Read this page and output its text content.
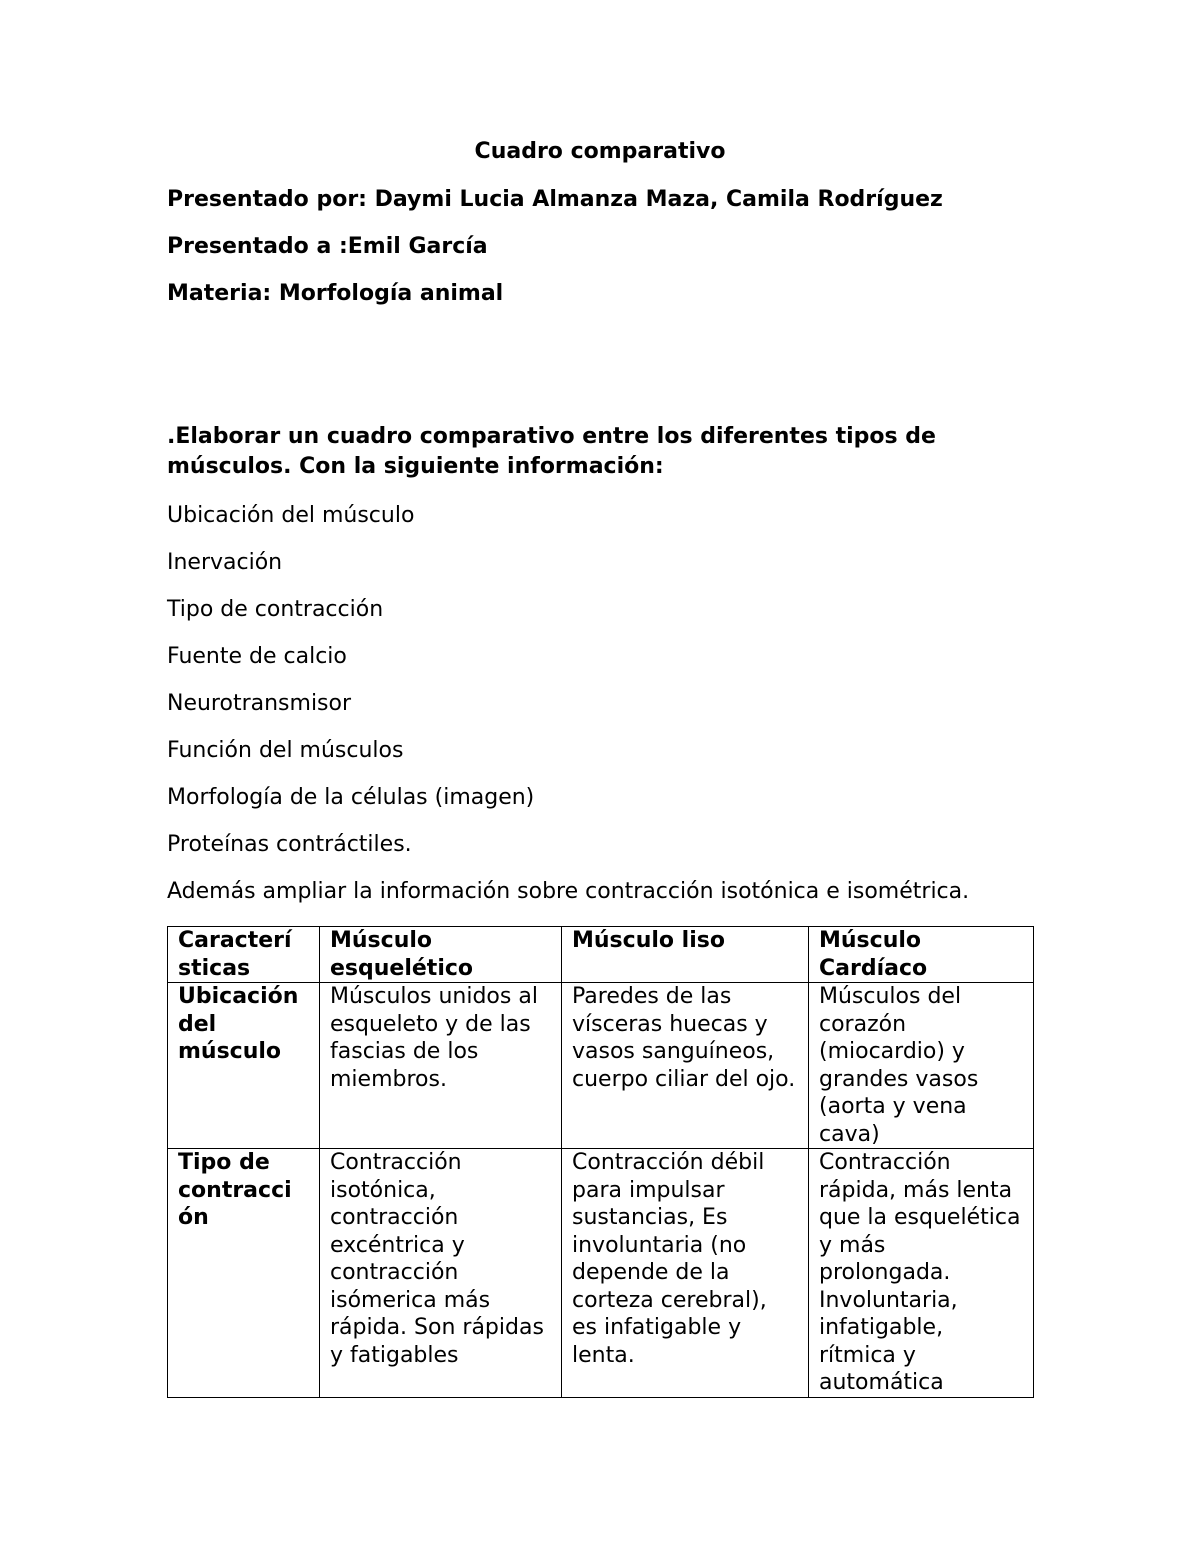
Cuadro comparativo
Presentado por: Daymi Lucia Almanza Maza, Camila Rodríguez
Presentado a :Emil García
Materia: Morfología animal
.Elaborar un cuadro comparativo entre los diferentes tipos de músculos. Con la siguiente información:
Ubicación del músculo
Inervación
Tipo de contracción
Fuente de calcio
Neurotransmisor
Función del músculos
Morfología de la células (imagen)
Proteínas contráctiles.
Además ampliar la información sobre contracción isotónica e isométrica.
Caracterí sticas	Músculo esquelético	Músculo liso	Músculo Cardíaco
Ubicación del músculo	Músculos unidos al esqueleto y de las fascias de los miembros.	Paredes de las vísceras huecas y vasos sanguíneos, cuerpo ciliar del ojo.	Músculos del corazón (miocardio) y grandes vasos (aorta y vena cava)
Tipo de contracci ón	Contracción isotónica, contracción excéntrica y contracción isómerica más rápida. Son rápidas y fatigables	Contracción débil para impulsar sustancias, Es involuntaria (no depende de la corteza cerebral), es infatigable y lenta.	Contracción rápida, más lenta que la esquelética y más prolongada. Involuntaria, infatigable, rítmica y automática
